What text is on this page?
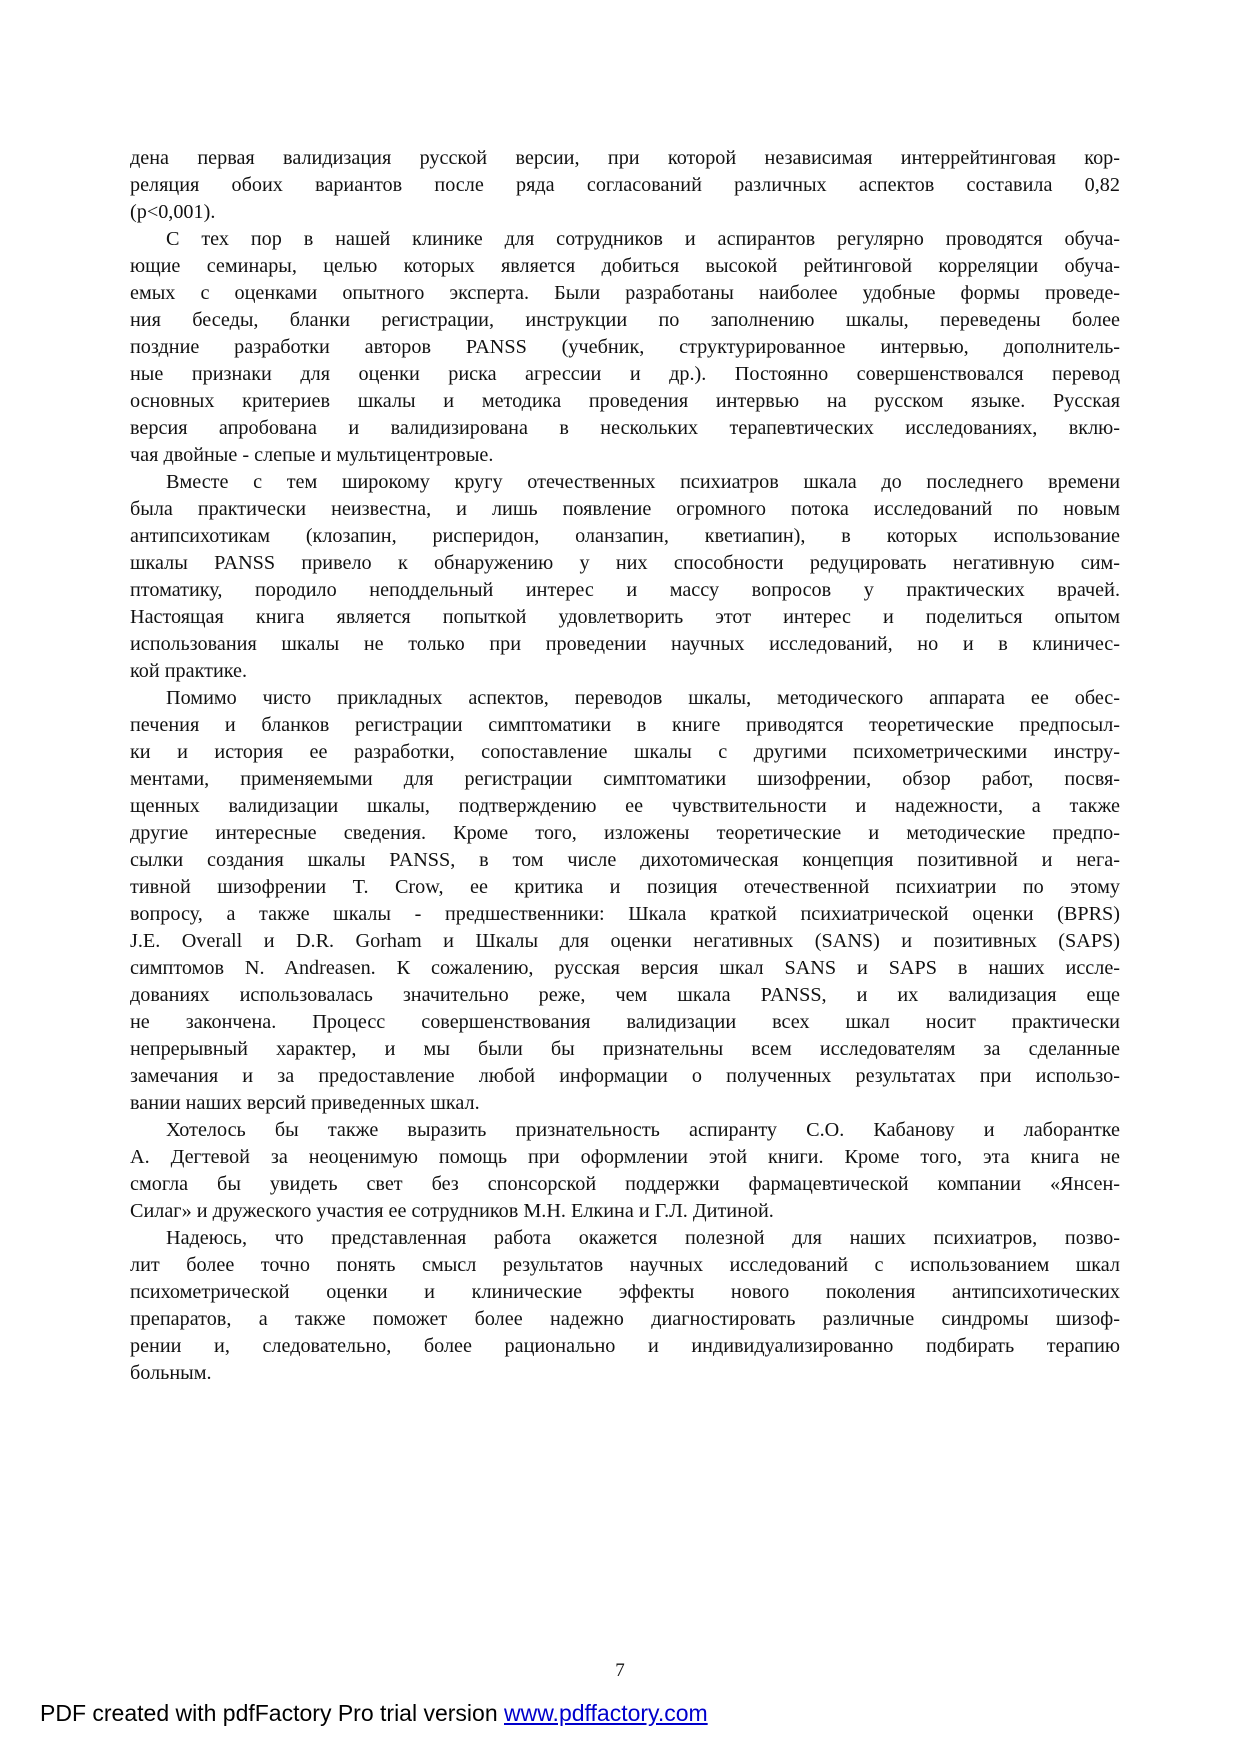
дена первая валидизация русской версии, при которой независимая интеррейтинговая кор-
реляция обоих вариантов после ряда согласований различных аспектов составила 0,82
(p<0,001).
С тех пор в нашей клинике для сотрудников и аспирантов регулярно проводятся обуча-
ющие семинары, целью которых является добиться высокой рейтинговой корреляции обуча-
емых с оценками опытного эксперта. Были разработаны наиболее удобные формы проведе-
ния беседы, бланки регистрации, инструкции по заполнению шкалы, переведены более
поздние разработки авторов PANSS (учебник, структурированное интервью, дополнитель-
ные признаки для оценки риска агрессии и др.). Постоянно совершенствовался перевод
основных критериев шкалы и методика проведения интервью на русском языке. Русская
версия апробована и валидизирована в нескольких терапевтических исследованиях, вклю-
чая двойные - слепые и мультицентровые.
Вместе с тем широкому кругу отечественных психиатров шкала до последнего времени
была практически неизвестна, и лишь появление огромного потока исследований по новым
антипсихотикам (клозапин, рисперидон, оланзапин, кветиапин), в которых использование
шкалы PANSS привело к обнаружению у них способности редуцировать негативную сим-
птоматику, породило неподдельный интерес и массу вопросов у практических врачей.
Настоящая книга является попыткой удовлетворить этот интерес и поделиться опытом
использования шкалы не только при проведении научных исследований, но и в клиничес-
кой практике.
Помимо чисто прикладных аспектов, переводов шкалы, методического аппарата ее обес-
печения и бланков регистрации симптоматики в книге приводятся теоретические предпосыл-
ки и история ее разработки, сопоставление шкалы с другими психометрическими инстру-
ментами, применяемыми для регистрации симптоматики шизофрении, обзор работ, посвя-
щенных валидизации шкалы, подтверждению ее чувствительности и надежности, а также
другие интересные сведения. Кроме того, изложены теоретические и методические предпо-
сылки создания шкалы PANSS, в том числе дихотомическая концепция позитивной и нега-
тивной шизофрении T. Crow, ее критика и позиция отечественной психиатрии по этому
вопросу, а также шкалы - предшественники: Шкала краткой психиатрической оценки (BPRS)
J.E. Overall и D.R. Gorham и Шкалы для оценки негативных (SANS) и позитивных (SAPS)
симптомов N. Andreasen. К сожалению, русская версия шкал SANS и SAPS в наших иссле-
дованиях использовалась значительно реже, чем шкала PANSS, и их валидизация еще
не закончена. Процесс совершенствования валидизации всех шкал носит практически
непрерывный характер, и мы были бы признательны всем исследователям за сделанные
замечания и за предоставление любой информации о полученных результатах при использо-
вании наших версий приведенных шкал.
Хотелось бы также выразить признательность аспиранту С.О. Кабанову и лаборантке
А. Дегтевой за неоценимую помощь при оформлении этой книги. Кроме того, эта книга не
смогла бы увидеть свет без спонсорской поддержки фармацевтической компании «Янсен-
Силаг» и дружеского участия ее сотрудников М.Н. Елкина и Г.Л. Дитиной.
Надеюсь, что представленная работа окажется полезной для наших психиатров, позво-
лит более точно понять смысл результатов научных исследований с использованием шкал
психометрической оценки и клинические эффекты нового поколения антипсихотических
препаратов, а также поможет более надежно диагностировать различные синдромы шизоф-
рении и, следовательно, более рационально и индивидуализированно подбирать терапию
больным.
7
PDF created with pdfFactory Pro trial version www.pdffactory.com
